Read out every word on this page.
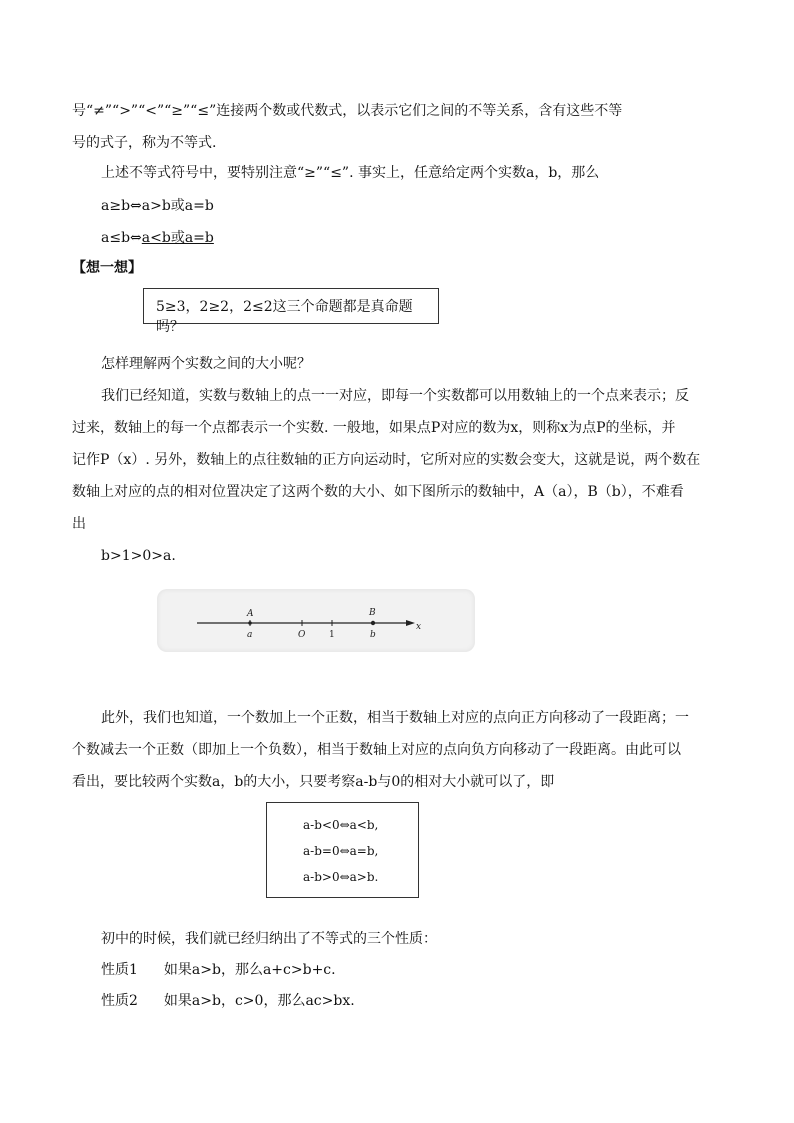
号“≠”“>”“<”“≥”“≤”连接两个数或代数式，以表示它们之间的不等关系，含有这些不等
号的式子，称为不等式.
上述不等式符号中，要特别注意“≥”“≤”. 事实上，任意给定两个实数a，b，那么
a≥b⇔a>b或a=b
a≤b⇔a<b或a=b
【想一想】
5≥3，2≥2，2≤2这三个命题都是真命题吗？
怎样理解两个实数之间的大小呢？
我们已经知道，实数与数轴上的点一一对应，即每一个实数都可以用数轴上的一个点来表示；反
过来，数轴上的每一个点都表示一个实数. 一般地，如果点P对应的数为x，则称x为点P的坐标，并
记作P（x）. 另外，数轴上的点往数轴的正方向运动时，它所对应的实数会变大，这就是说，两个数在
数轴上对应的点的相对位置决定了这两个数的大小、如下图所示的数轴中，A（a），B（b），不难看
出
b>1>0>a.
A
a	O	1
B
b
x
此外，我们也知道，一个数加上一个正数，相当于数轴上对应的点向正方向移动了一段距离；一
个数减去一个正数（即加上一个负数），相当于数轴上对应的点向负方向移动了一段距离。由此可以
看出，要比较两个实数a，b的大小，只要考察a-b与0的相对大小就可以了，即
a-b<0⇔a<b,
a-b=0⇔a=b,
a-b>0⇔a>b.
初中的时候，我们就已经归纳出了不等式的三个性质：
性质1 如果a>b，那么a+c>b+c.
性质2 如果a>b，c>0，那么ac>bx.
